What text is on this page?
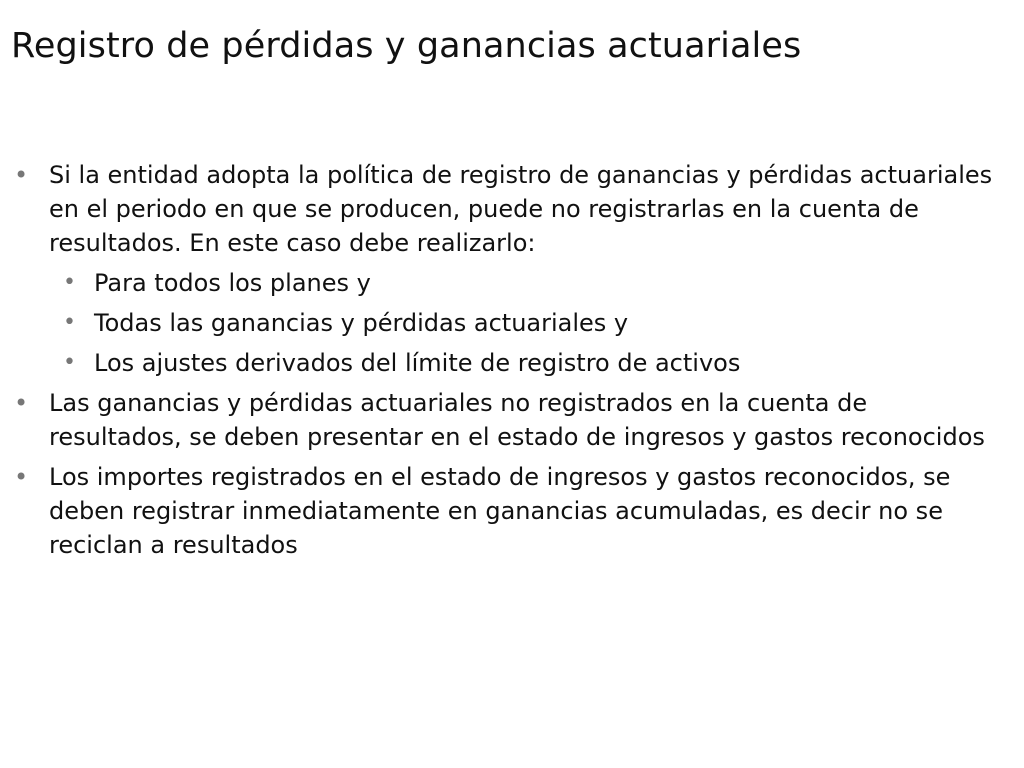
Registro de pérdidas y ganancias actuariales
• Si la entidad adopta la política de registro de ganancias y pérdidas actuariales en el periodo en que se producen, puede no registrarlas en la cuenta de resultados. En este caso debe realizarlo:
• Para todos los planes y
• Todas las ganancias y pérdidas actuariales y
• Los ajustes derivados del límite de registro de activos
• Las ganancias y pérdidas actuariales no registrados en la cuenta de resultados, se deben presentar en el estado de ingresos y gastos reconocidos
• Los importes registrados en el estado de ingresos y gastos reconocidos, se deben registrar inmediatamente en ganancias acumuladas, es decir no se reciclan a resultados
